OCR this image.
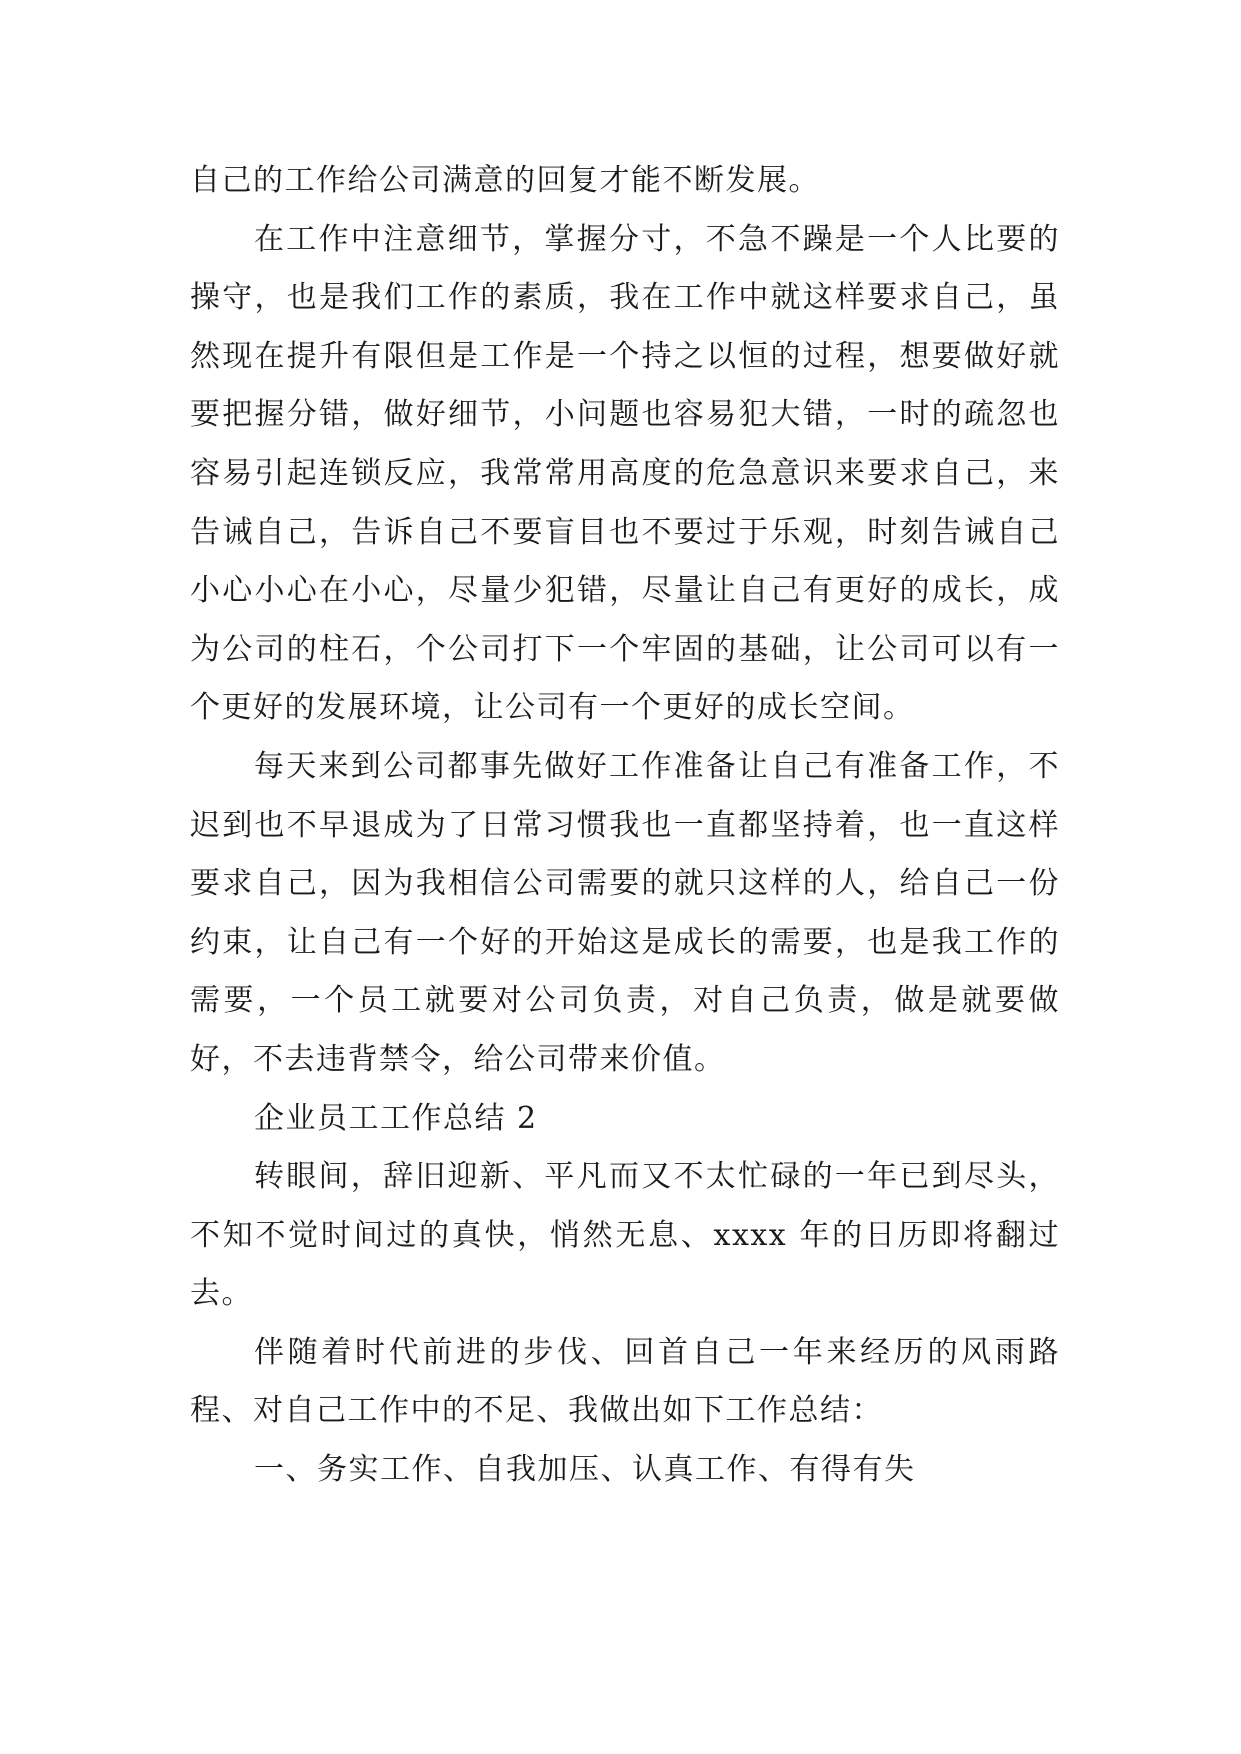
自己的工作给公司满意的回复才能不断发展。

在工作中注意细节，掌握分寸，不急不躁是一个人比要的操守，也是我们工作的素质，我在工作中就这样要求自己，虽然现在提升有限但是工作是一个持之以恒的过程，想要做好就要把握分错，做好细节，小问题也容易犯大错，一时的疏忽也容易引起连锁反应，我常常用高度的危急意识来要求自己，来告诫自己，告诉自己不要盲目也不要过于乐观，时刻告诫自己小心小心在小心，尽量少犯错，尽量让自己有更好的成长，成为公司的柱石，个公司打下一个牢固的基础，让公司可以有一个更好的发展环境，让公司有一个更好的成长空间。

每天来到公司都事先做好工作准备让自己有准备工作，不迟到也不早退成为了日常习惯我也一直都坚持着，也一直这样要求自己，因为我相信公司需要的就只这样的人，给自己一份约束，让自己有一个好的开始这是成长的需要，也是我工作的需要，一个员工就要对公司负责，对自己负责，做是就要做好，不去违背禁令，给公司带来价值。

企业员工工作总结 2

转眼间，辞旧迎新、平凡而又不太忙碌的一年已到尽头，不知不觉时间过的真快，悄然无息、xxxx 年的日历即将翻过去。

伴随着时代前进的步伐、回首自己一年来经历的风雨路程、对自己工作中的不足、我做出如下工作总结：

一、务实工作、自我加压、认真工作、有得有失
